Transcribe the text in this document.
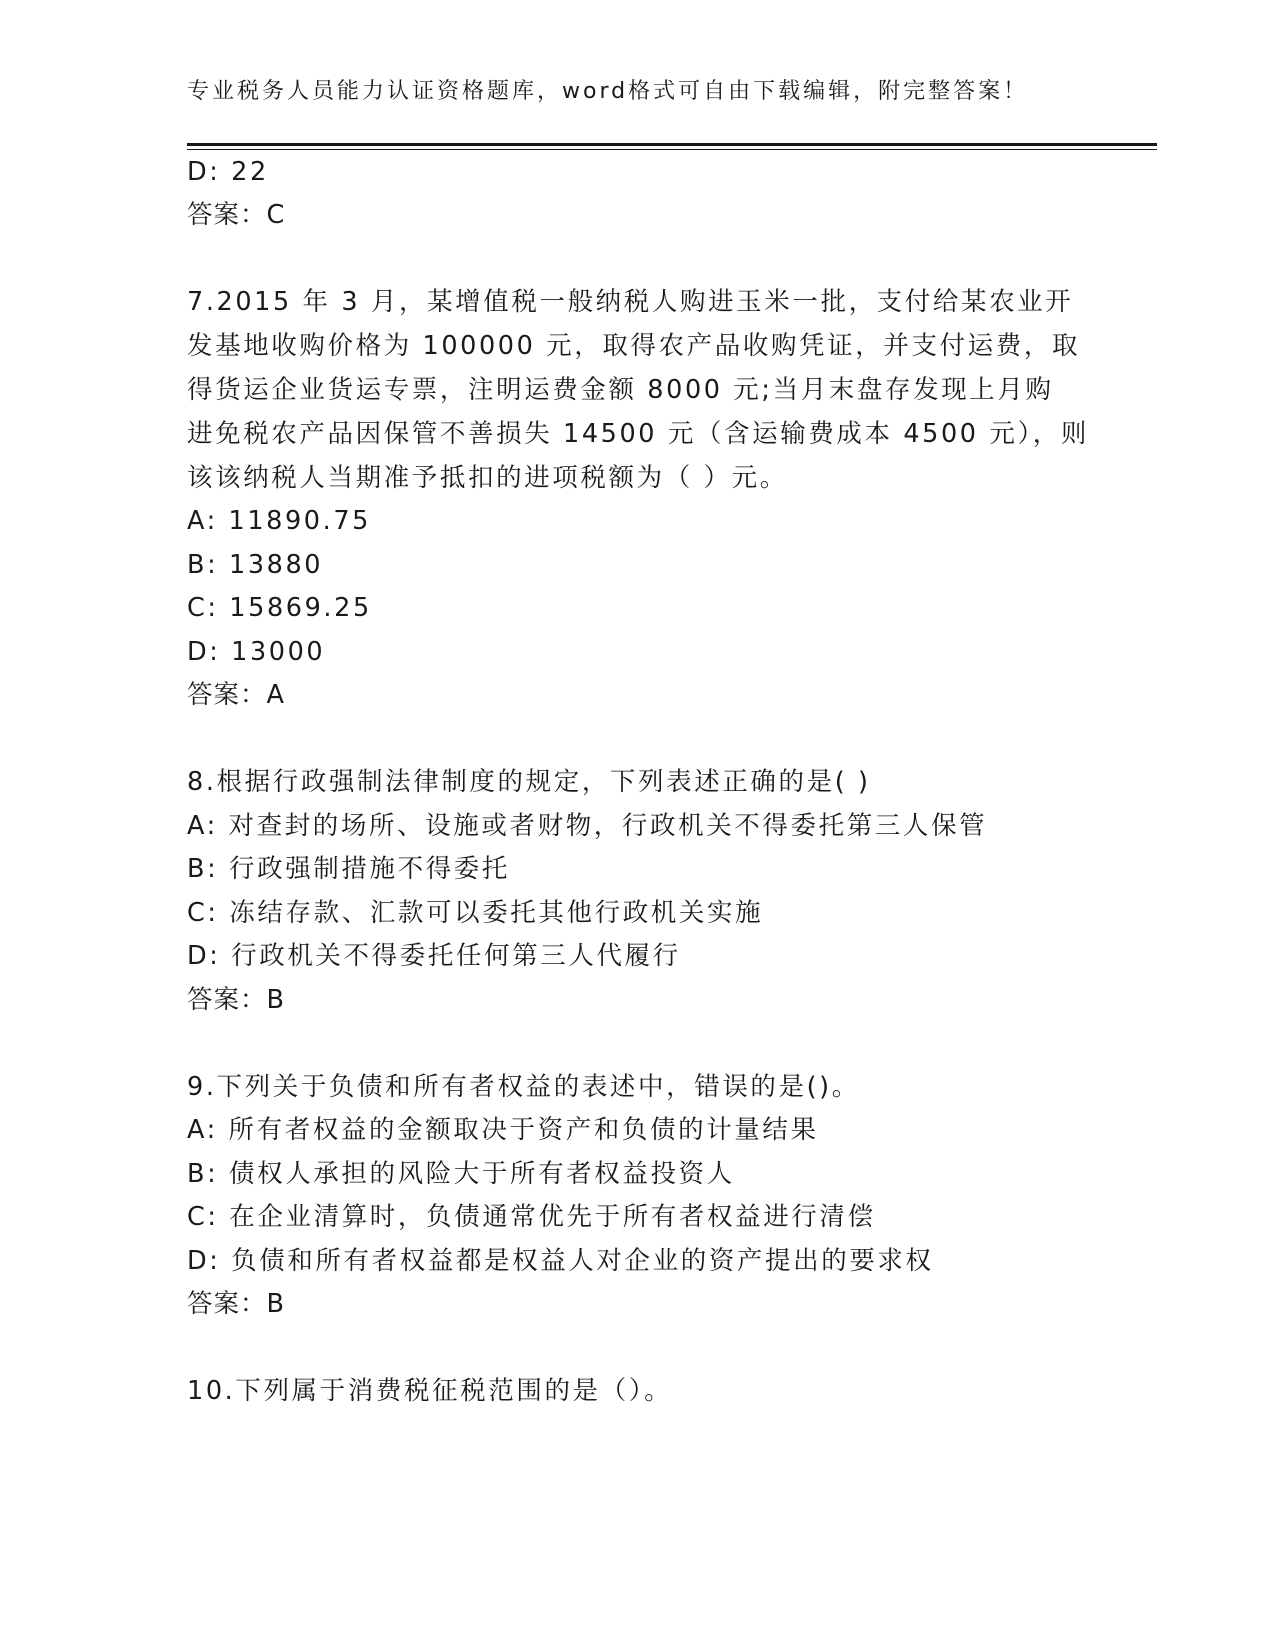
专业税务人员能力认证资格题库，word格式可自由下载编辑，附完整答案！
D: 22
答案：C
7.2015 年 3 月，某增值税一般纳税人购进玉米一批，支付给某农业开
发基地收购价格为 100000 元，取得农产品收购凭证，并支付运费，取
得货运企业货运专票，注明运费金额 8000 元;当月末盘存发现上月购
进免税农产品因保管不善损失 14500 元（含运输费成本 4500 元），则
该该纳税人当期准予抵扣的进项税额为（ ）元。
A: 11890.75
B: 13880
C: 15869.25
D: 13000
答案：A
8.根据行政强制法律制度的规定，下列表述正确的是( )
A: 对查封的场所、设施或者财物，行政机关不得委托第三人保管
B: 行政强制措施不得委托
C: 冻结存款、汇款可以委托其他行政机关实施
D: 行政机关不得委托任何第三人代履行
答案：B
9.下列关于负债和所有者权益的表述中，错误的是()。
A: 所有者权益的金额取决于资产和负债的计量结果
B: 债权人承担的风险大于所有者权益投资人
C: 在企业清算时，负债通常优先于所有者权益进行清偿
D: 负债和所有者权益都是权益人对企业的资产提出的要求权
答案：B
10.下列属于消费税征税范围的是（）。
